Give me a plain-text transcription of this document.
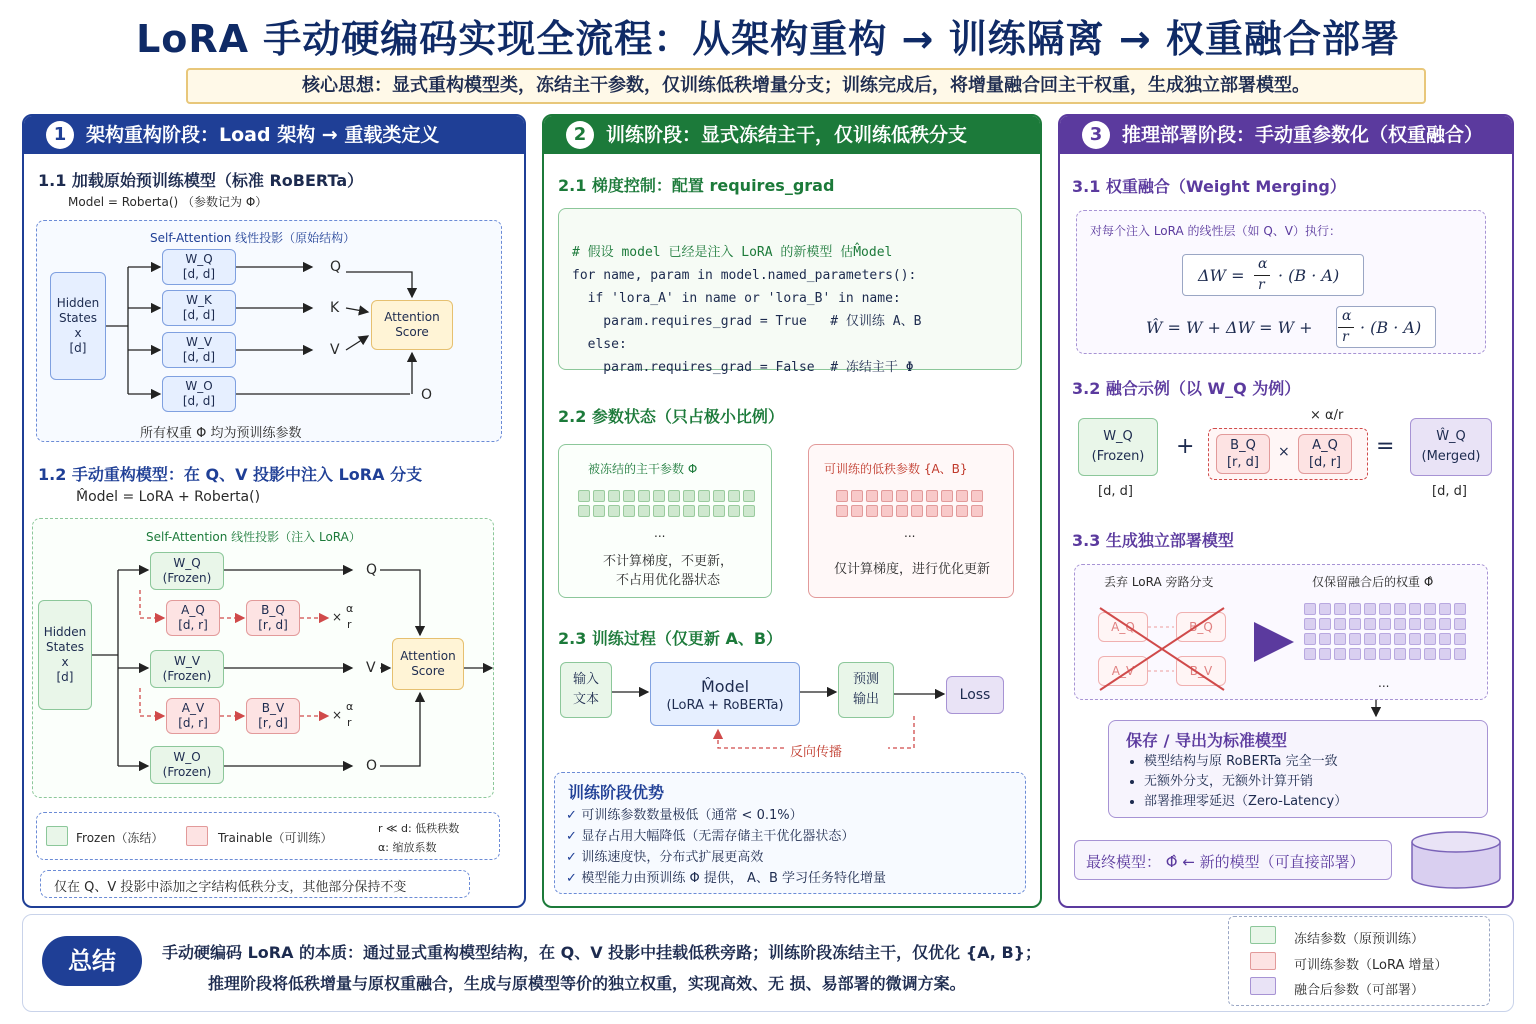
LoRA 手动硬编码实现全流程：从架构重构 → 训练隔离 → 权重融合部署
核心思想：显式重构模型类，冻结主干参数，仅训练低秩增量分支；训练完成后，将增量融合回主干权重，生成独立部署模型。
1	架构重构阶段：Load 架构 → 重载类定义
1.1 加载原始预训练模型（标准 RoBERTa）
Model = Roberta() （参数记为 Φ）
Self-Attention 线性投影（原始结构）
Hidden
States
x
[d]
W_Q
[d, d]
W_K
[d, d]
W_V
[d, d]
W_O
[d, d]
Q
K
V
O
Attention
Score
所有权重 Φ 均为预训练参数
1.2 手动重构模型：在 Q、V 投影中注入 LoRA 分支
M̂odel = LoRA + Roberta()
Self-Attention 线性投影（注入 LoRA）
Hidden
States
x
[d]
W_Q
(Frozen)
A_Q
[d, r]
B_Q
[r, d]
×
α
r
W_V
(Frozen)
A_V
[d, r]
B_V
[r, d]
×
α
r
W_O
(Frozen)
Q
V
O
Attention
Score
Frozen（冻结）	Trainable（可训练）
r ≪ d: 低秩秩数
α: 缩放系数
仅在 Q、V 投影中添加之字结构低秩分支，其他部分保持不变
2	训练阶段：显式冻结主干，仅训练低秩分支
2.1 梯度控制：配置 requires_grad

# 假设 model 已经是注入 LoRA 的新模型 估M̂odel
for name, param in model.named_parameters():
if 'lora_A' in name or 'lora_B' in name:
param.requires_grad = True   # 仅训练 A、B
else:
param.requires_grad = False  # 冻结主干 Φ
2.2 参数状态（只占极小比例）
被冻结的主干参数 Φ
...
不计算梯度，不更新，
不占用优化器状态
可训练的低秩参数 {A、B}
...
仅计算梯度，进行优化更新
2.3 训练过程（仅更新 A、B）
输入
文本
M̂odel
(LoRA + RoBERTa)
预测
输出	Loss
反向传播
训练阶段优势
✓ 可训练参数数量极低（通常 < 0.1%）
✓ 显存占用大幅降低（无需存储主干优化器状态）
✓ 训练速度快，分布式扩展更高效
✓ 模型能力由预训练 Φ 提供， A、B 学习任务特化增量
3	推理部署阶段：手动重参数化（权重融合）
3.1 权重融合（Weight Merging）
对每个注入 LoRA 的线性层（如 Q、V）执行：
ΔW =
α
r · (B · A)
Ŵ = W + ΔW = W +
α
r · (B · A)
3.2 融合示例（以 W_Q 为例）
× α/r
W_Q
(Frozen)	+	B_Q
[r, d]
×	A_Q
[d, r]
=	Ŵ_Q
(Merged)
[d, d]	[d, d]
3.3 生成独立部署模型
丢弃 LoRA 旁路分支	仅保留融合后的权重 Φ̂
A_Q	B_Q
A_V	B_V
...
保存 / 导出为标准模型
• 模型结构与原 RoBERTa 完全一致
• 无额外分支，无额外计算开销
• 部署推理零延迟（Zero-Latency）
最终模型： Φ̂ ← 新的模型（可直接部署）
总结	手动硬编码 LoRA 的本质：通过显式重构模型结构，在 Q、V 投影中挂载低秩旁路；训练阶段冻结主干，仅优化 {A, B}；
推理阶段将低秩增量与原权重融合，生成与原模型等价的独立权重，实现高效、无 损、易部署的微调方案。
冻结参数（原预训练）
可训练参数（LoRA 增量）
融合后参数（可部署）
